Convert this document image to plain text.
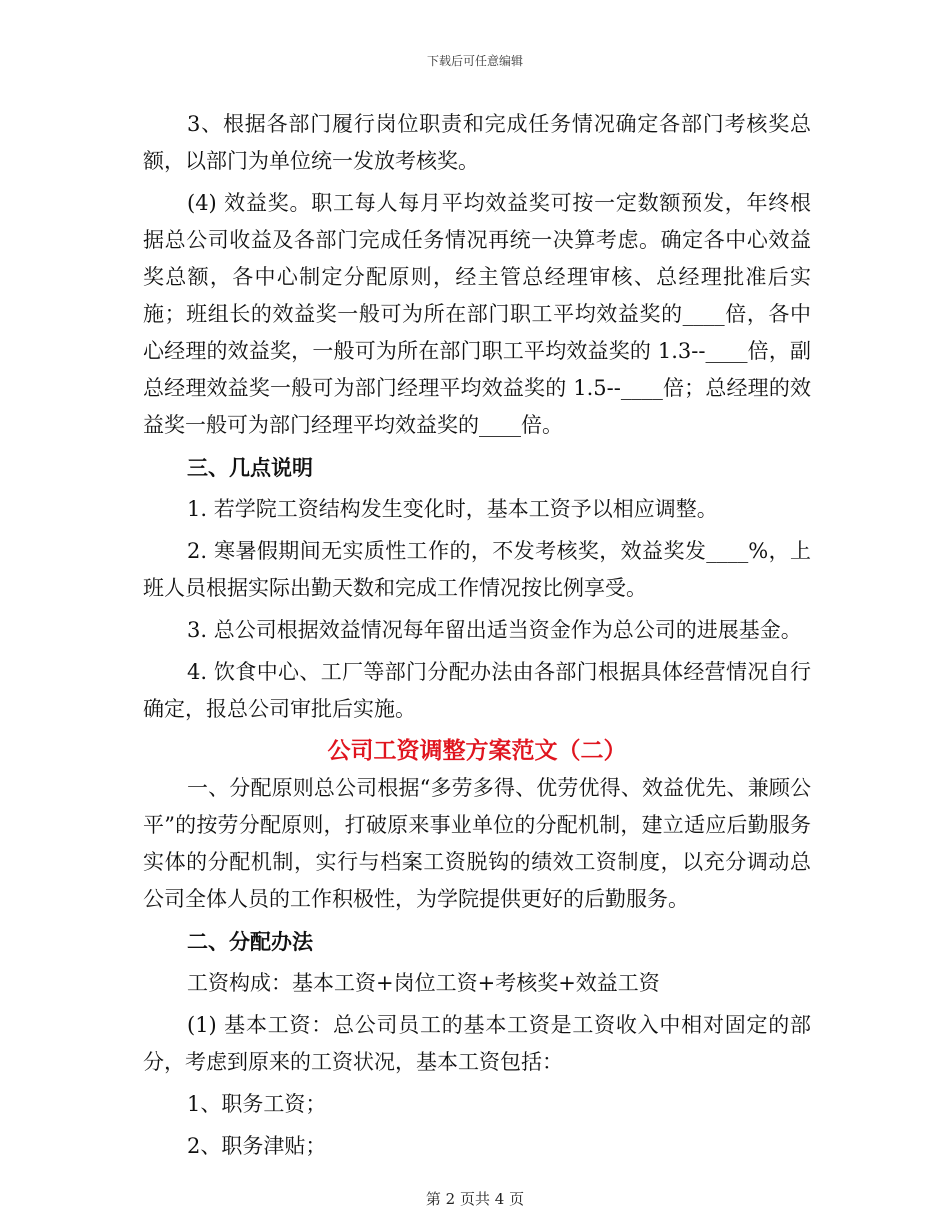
下载后可任意编辑
3、根据各部门履行岗位职责和完成任务情况确定各部门考核奖总额，以部门为单位统一发放考核奖。
(4) 效益奖。职工每人每月平均效益奖可按一定数额预发，年终根据总公司收益及各部门完成任务情况再统一决算考虑。确定各中心效益奖总额，各中心制定分配原则，经主管总经理审核、总经理批准后实施；班组长的效益奖一般可为所在部门职工平均效益奖的____倍，各中心经理的效益奖，一般可为所在部门职工平均效益奖的 1.3--____倍，副总经理效益奖一般可为部门经理平均效益奖的 1.5--____倍；总经理的效益奖一般可为部门经理平均效益奖的____倍。
三、几点说明
1. 若学院工资结构发生变化时，基本工资予以相应调整。
2. 寒暑假期间无实质性工作的，不发考核奖，效益奖发____%，上班人员根据实际出勤天数和完成工作情况按比例享受。
3. 总公司根据效益情况每年留出适当资金作为总公司的进展基金。
4. 饮食中心、工厂等部门分配办法由各部门根据具体经营情况自行确定，报总公司审批后实施。
公司工资调整方案范文（二）
一、分配原则总公司根据“多劳多得、优劳优得、效益优先、兼顾公平”的按劳分配原则，打破原来事业单位的分配机制，建立适应后勤服务实体的分配机制，实行与档案工资脱钩的绩效工资制度，以充分调动总公司全体人员的工作积极性，为学院提供更好的后勤服务。
二、分配办法
工资构成：基本工资+岗位工资+考核奖+效益工资
(1) 基本工资：总公司员工的基本工资是工资收入中相对固定的部分，考虑到原来的工资状况，基本工资包括：
1、职务工资；
2、职务津贴；
第 2 页共 4 页
